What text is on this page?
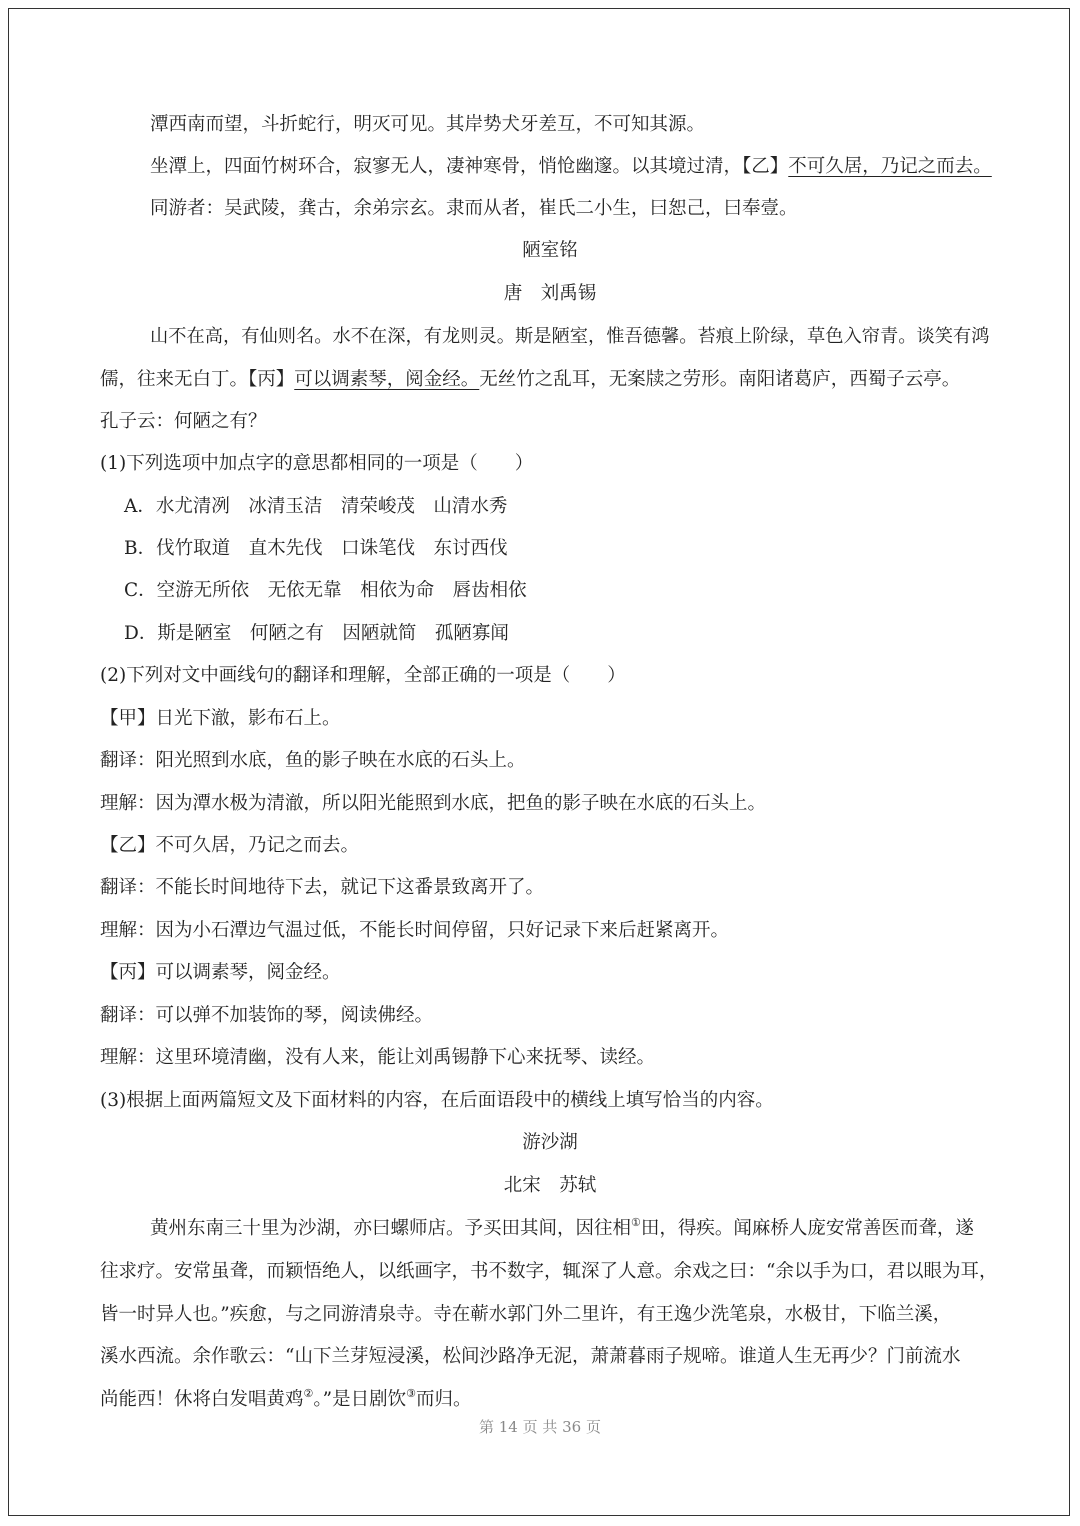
潭西南而望，斗折蛇行，明灭可见。其岸势犬牙差互，不可知其源。
坐潭上，四面竹树环合，寂寥无人，凄神寒骨，悄怆幽邃。以其境过清，【乙】不可久居，乃记之而去。
同游者：吴武陵，龚古，余弟宗玄。隶而从者，崔氏二小生，曰恕己，曰奉壹。
陋室铭
唐　刘禹锡
山不在高，有仙则名。水不在深，有龙则灵。斯是陋室，惟吾德馨。苔痕上阶绿，草色入帘青。谈笑有鸿
儒，往来无白丁。【丙】可以调素琴，阅金经。无丝竹之乱耳，无案牍之劳形。南阳诸葛庐，西蜀子云亭。
孔子云：何陋之有？
(1)下列选项中加点字的意思都相同的一项是（　　）
A．水尤清冽　冰清玉洁　清荣峻茂　山清水秀
B．伐竹取道　直木先伐　口诛笔伐　东讨西伐
C．空游无所依　无依无靠　相依为命　唇齿相依
D．斯是陋室　何陋之有　因陋就简　孤陋寡闻
(2)下列对文中画线句的翻译和理解，全部正确的一项是（　　）
【甲】日光下澈，影布石上。
翻译：阳光照到水底，鱼的影子映在水底的石头上。
理解：因为潭水极为清澈，所以阳光能照到水底，把鱼的影子映在水底的石头上。
【乙】不可久居，乃记之而去。
翻译：不能长时间地待下去，就记下这番景致离开了。
理解：因为小石潭边气温过低，不能长时间停留，只好记录下来后赶紧离开。
【丙】可以调素琴，阅金经。
翻译：可以弹不加装饰的琴，阅读佛经。
理解：这里环境清幽，没有人来，能让刘禹锡静下心来抚琴、读经。
(3)根据上面两篇短文及下面材料的内容，在后面语段中的横线上填写恰当的内容。
游沙湖
北宋　苏轼
黄州东南三十里为沙湖，亦曰螺师店。予买田其间，因往相①田，得疾。闻麻桥人庞安常善医而聋，遂
往求疗。安常虽聋，而颖悟绝人，以纸画字，书不数字，辄深了人意。余戏之曰：“余以手为口，君以眼为耳，
皆一时异人也。”疾愈，与之同游清泉寺。寺在蕲水郭门外二里许，有王逸少洗笔泉，水极甘，下临兰溪，
溪水西流。余作歌云：“山下兰芽短浸溪，松间沙路净无泥，萧萧暮雨子规啼。谁道人生无再少？门前流水
尚能西！休将白发唱黄鸡②。”是日剧饮③而归。
第 14 页 共 36 页
